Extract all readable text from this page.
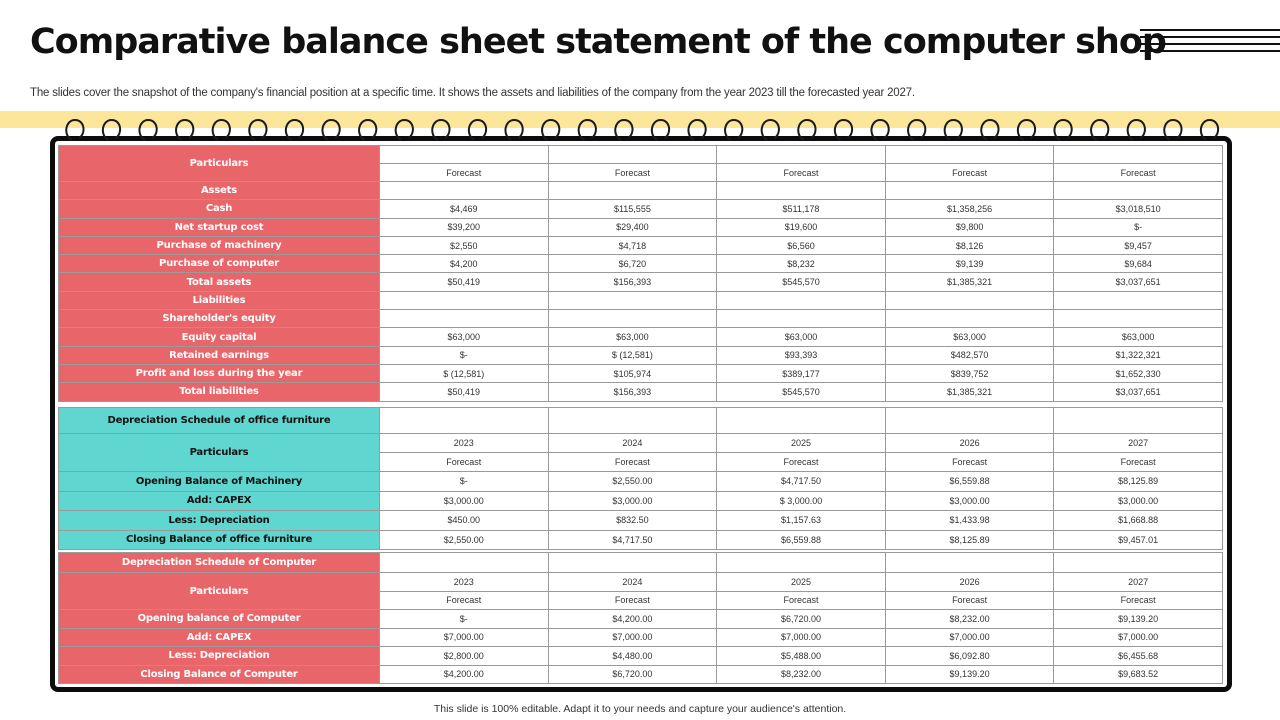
Comparative balance sheet statement of the computer shop
The slides cover the snapshot of the company's financial position at a specific time. It shows the assets and liabilities of the company from the year 2023 till the forecasted year 2027.
Particulars					
	Forecast	Forecast	Forecast	Forecast	Forecast
Assets					
Cash	$4,469	$115,555	$511,178	$1,358,256	$3,018,510
Net startup cost	$39,200	$29,400	$19,600	$9,800	$-
Purchase of machinery	$2,550	$4,718	$6,560	$8,126	$9,457
Purchase of computer	$4,200	$6,720	$8,232	$9,139	$9,684
Total assets	$50,419	$156,393	$545,570	$1,385,321	$3,037,651
Liabilities					
Shareholder's equity					
Equity capital	$63,000	$63,000	$63,000	$63,000	$63,000
Retained earnings	$-	$ (12,581)	$93,393	$482,570	$1,322,321
Profit and loss during the year	$ (12,581)	$105,974	$389,177	$839,752	$1,652,330
Total liabilities	$50,419	$156,393	$545,570	$1,385,321	$3,037,651
Depreciation Schedule of office furniture					
Particulars	2023	2024	2025	2026	2027
	Forecast	Forecast	Forecast	Forecast	Forecast
Opening Balance of Machinery	$-	$2,550.00	$4,717.50	$6,559.88	$8,125.89
Add: CAPEX	$3,000.00	$3,000.00	$ 3,000.00	$3,000.00	$3,000.00
Less: Depreciation	$450.00	$832.50	$1,157.63	$1,433.98	$1,668.88
Closing Balance of office furniture	$2,550.00	$4,717.50	$6,559.88	$8,125.89	$9,457.01
Depreciation Schedule of Computer					
Particulars	2023	2024	2025	2026	2027
	Forecast	Forecast	Forecast	Forecast	Forecast
Opening balance of Computer	$-	$4,200.00	$6,720.00	$8,232.00	$9,139.20
Add: CAPEX	$7,000.00	$7,000.00	$7,000.00	$7,000.00	$7,000.00
Less: Depreciation	$2,800.00	$4,480.00	$5,488.00	$6,092.80	$6,455.68
Closing Balance of Computer	$4,200.00	$6,720.00	$8,232.00	$9,139.20	$9,683.52
This slide is 100% editable. Adapt it to your needs and capture your audience's attention.
